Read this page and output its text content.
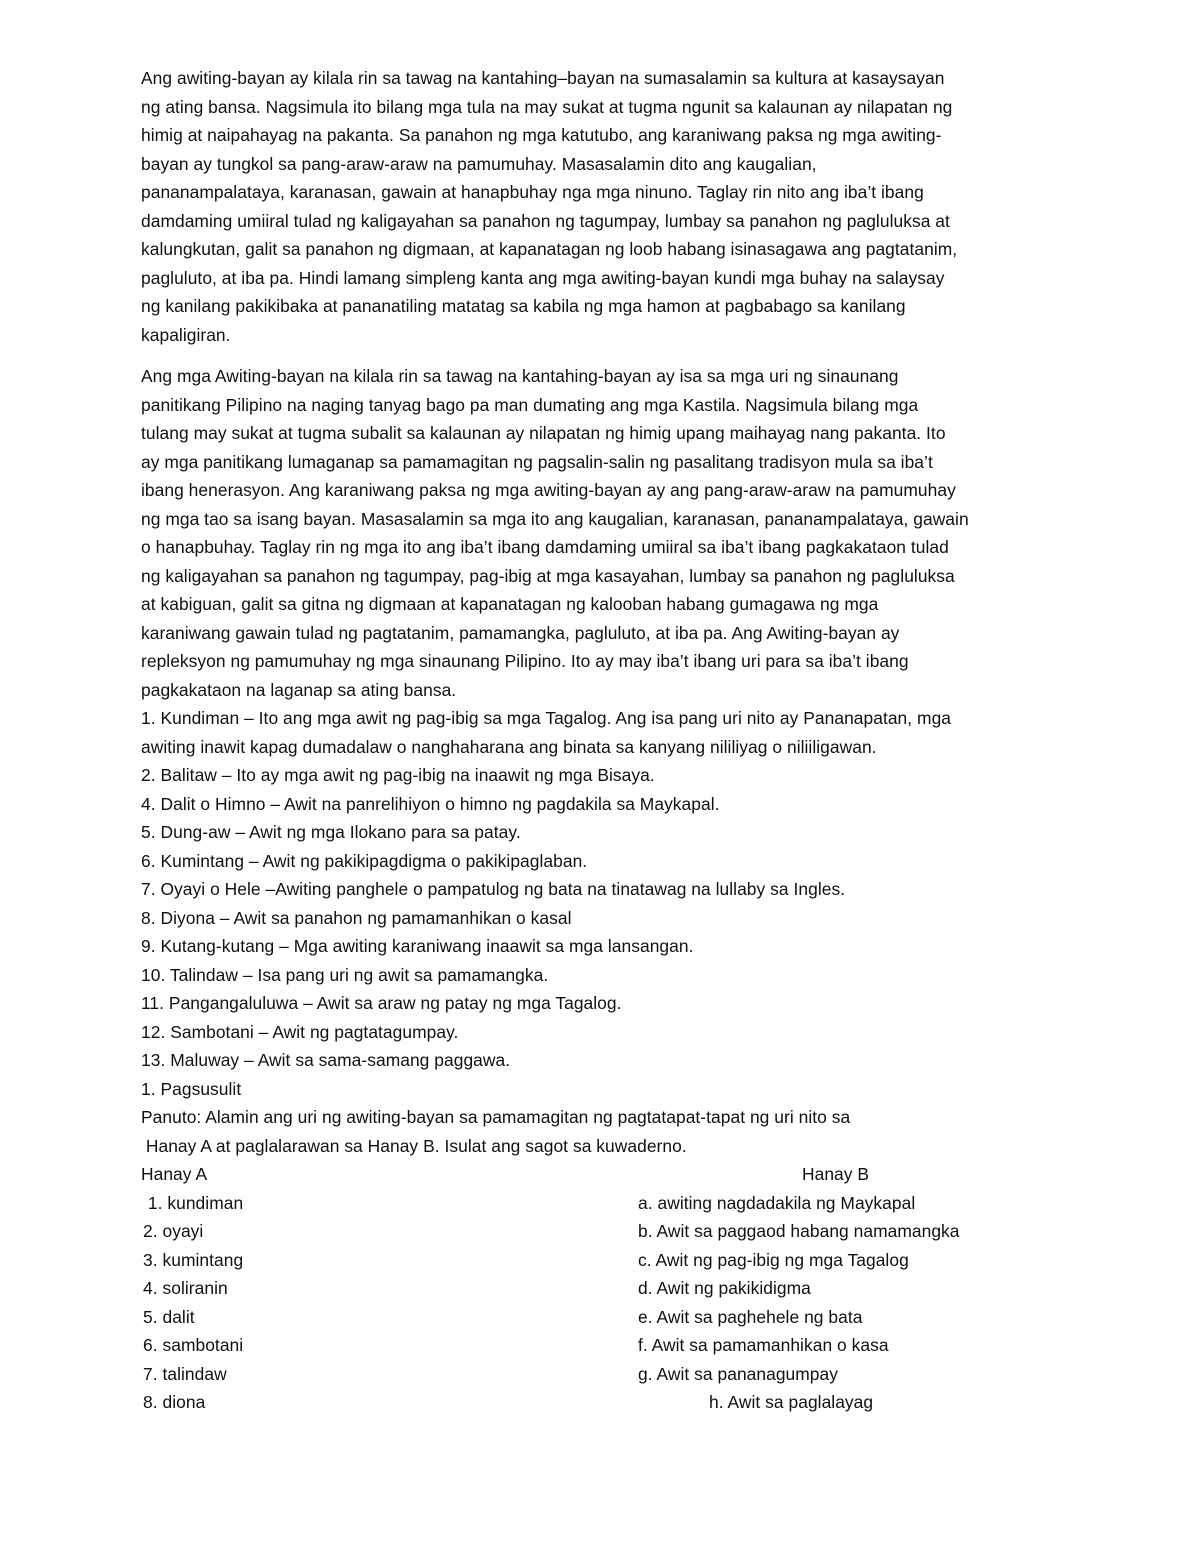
Ang awiting-bayan ay kilala rin sa tawag na kantahing–bayan na sumasalamin sa kultura at kasaysayan
ng ating bansa. Nagsimula ito bilang mga tula na may sukat at tugma ngunit sa kalaunan ay nilapatan ng
himig at naipahayag na pakanta. Sa panahon ng mga katutubo, ang karaniwang paksa ng mga awiting-
bayan ay tungkol sa pang-araw-araw na pamumuhay. Masasalamin dito ang kaugalian,
pananampalataya, karanasan, gawain at hanapbuhay nga mga ninuno. Taglay rin nito ang iba’t ibang
damdaming umiiral tulad ng kaligayahan sa panahon ng tagumpay, lumbay sa panahon ng pagluluksa at
kalungkutan, galit sa panahon ng digmaan, at kapanatagan ng loob habang isinasagawa ang pagtatanim,
pagluluto, at iba pa. Hindi lamang simpleng kanta ang mga awiting-bayan kundi mga buhay na salaysay
ng kanilang pakikibaka at pananatiling matatag sa kabila ng mga hamon at pagbabago sa kanilang
kapaligiran.
Ang mga Awiting-bayan na kilala rin sa tawag na kantahing-bayan ay isa sa mga uri ng sinaunang
panitikang Pilipino na naging tanyag bago pa man dumating ang mga Kastila. Nagsimula bilang mga
tulang may sukat at tugma subalit sa kalaunan ay nilapatan ng himig upang maihayag nang pakanta. Ito
ay mga panitikang lumaganap sa pamamagitan ng pagsalin-salin ng pasalitang tradisyon mula sa iba’t
ibang henerasyon. Ang karaniwang paksa ng mga awiting-bayan ay ang pang-araw-araw na pamumuhay
ng mga tao sa isang bayan. Masasalamin sa mga ito ang kaugalian, karanasan, pananampalataya, gawain
o hanapbuhay. Taglay rin ng mga ito ang iba’t ibang damdaming umiiral sa iba’t ibang pagkakataon tulad
ng kaligayahan sa panahon ng tagumpay, pag-ibig at mga kasayahan, lumbay sa panahon ng pagluluksa
at kabiguan, galit sa gitna ng digmaan at kapanatagan ng kalooban habang gumagawa ng mga
karaniwang gawain tulad ng pagtatanim, pamamangka, pagluluto, at iba pa. Ang Awiting-bayan ay
repleksyon ng pamumuhay ng mga sinaunang Pilipino. Ito ay may iba’t ibang uri para sa iba’t ibang
pagkakataon na laganap sa ating bansa.
1. Kundiman – Ito ang mga awit ng pag-ibig sa mga Tagalog. Ang isa pang uri nito ay Pananapatan, mga
awiting inawit kapag dumadalaw o nanghaharana ang binata sa kanyang nililiyag o niliiligawan.
2. Balitaw – Ito ay mga awit ng pag-ibig na inaawit ng mga Bisaya.
4. Dalit o Himno – Awit na panrelihiyon o himno ng pagdakila sa Maykapal.
5. Dung-aw – Awit ng mga Ilokano para sa patay.
6. Kumintang – Awit ng pakikipagdigma o pakikipaglaban.
7. Oyayi o Hele –Awiting panghele o pampatulog ng bata na tinatawag na lullaby sa Ingles.
8. Diyona – Awit sa panahon ng pamamanhikan o kasal
9. Kutang-kutang – Mga awiting karaniwang inaawit sa mga lansangan.
10. Talindaw – Isa pang uri ng awit sa pamamangka.
11. Pangangaluluwa – Awit sa araw ng patay ng mga Tagalog.
12. Sambotani – Awit ng pagtatagumpay.
13. Maluway – Awit sa sama-samang paggawa.
1. Pagsusulit
Panuto: Alamin ang uri ng awiting-bayan sa pamamagitan ng pagtatapat-tapat ng uri nito sa
Hanay A at paglalarawan sa Hanay B. Isulat ang sagot sa kuwaderno.
Hanay A	Hanay B
1. kundiman	a. awiting nagdadakila ng Maykapal
2. oyayi	b. Awit sa paggaod habang namamangka
3. kumintang	c. Awit ng pag-ibig ng mga Tagalog
4. soliranin	d. Awit ng pakikidigma
5. dalit	e. Awit sa paghehele ng bata
6. sambotani	f. Awit sa pamamanhikan o kasa
7. talindaw	g. Awit sa pananagumpay
8. diona	h. Awit sa paglalayag
